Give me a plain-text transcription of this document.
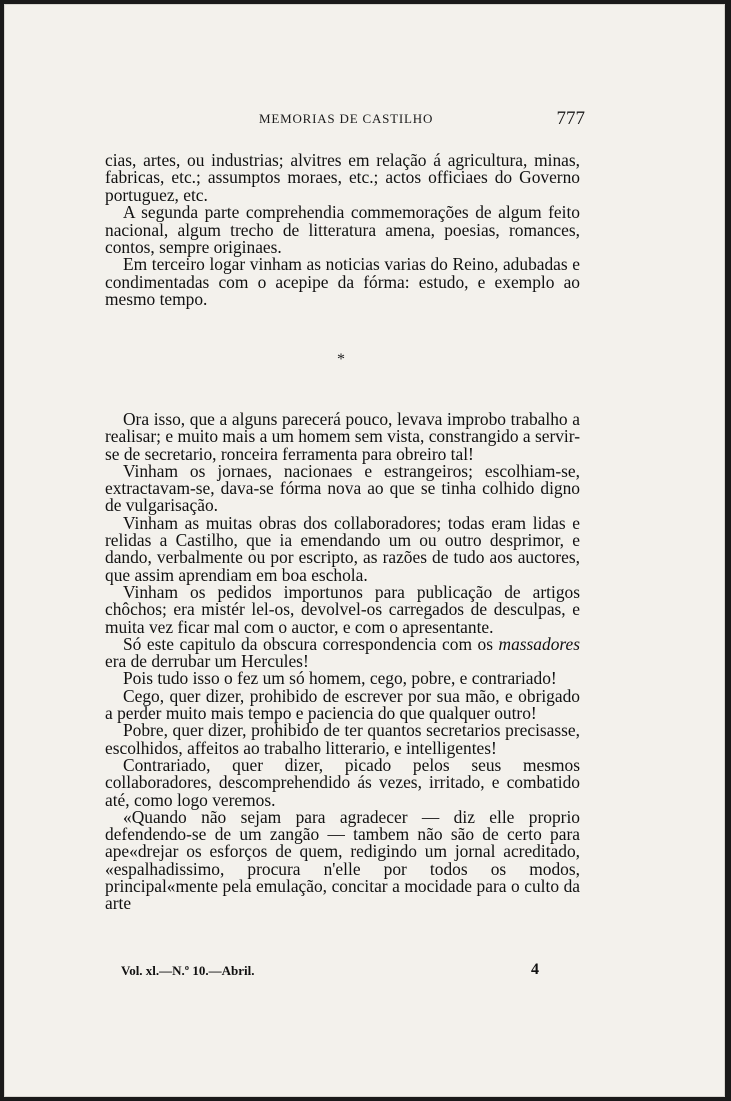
MEMORIAS DE CASTILHO	777

cias, artes, ou industrias; alvitres em relação á agricultura, minas, fabricas, etc.; assumptos moraes, etc.; actos officiaes do Governo portuguez, etc.

A segunda parte comprehendia commemorações de algum feito nacional, algum trecho de litteratura amena, poesias, romances, contos, sempre originaes.

Em terceiro logar vinham as noticias varias do Reino, adubadas e condimentadas com o acepipe da fórma: estudo, e exemplo ao mesmo tempo.

*

Ora isso, que a alguns parecerá pouco, levava improbo trabalho a realisar; e muito mais a um homem sem vista, constrangido a servir-se de secretario, ronceira ferramenta para obreiro tal!

Vinham os jornaes, nacionaes e estrangeiros; escolhiam-se, extractavam-se, dava-se fórma nova ao que se tinha colhido digno de vulgarisação.

Vinham as muitas obras dos collaboradores; todas eram lidas e relidas a Castilho, que ia emendando um ou outro desprimor, e dando, verbalmente ou por escripto, as razões de tudo aos auctores, que assim aprendiam em boa eschola.

Vinham os pedidos importunos para publicação de artigos chôchos; era mistér lel-os, devolvel-os carregados de desculpas, e muita vez ficar mal com o auctor, e com o apresentante.

Só este capitulo da obscura correspondencia com os massadores era de derrubar um Hercules!

Pois tudo isso o fez um só homem, cego, pobre, e contrariado!

Cego, quer dizer, prohibido de escrever por sua mão, e obrigado a perder muito mais tempo e paciencia do que qualquer outro!

Pobre, quer dizer, prohibido de ter quantos secretarios precisasse, escolhidos, affeitos ao trabalho litterario, e intelligentes!

Contrariado, quer dizer, picado pelos seus mesmos collaboradores, descomprehendido ás vezes, irritado, e combatido até, como logo veremos.

«Quando não sejam para agradecer — diz elle proprio defendendo-se de um zangão — tambem não são de certo para ape«drejar os esforços de quem, redigindo um jornal acreditado, «espalhadissimo, procura n'elle por todos os modos, principal«mente pela emulação, concitar a mocidade para o culto da arte

Vol. xl.—N.º 10.—Abril.	4
